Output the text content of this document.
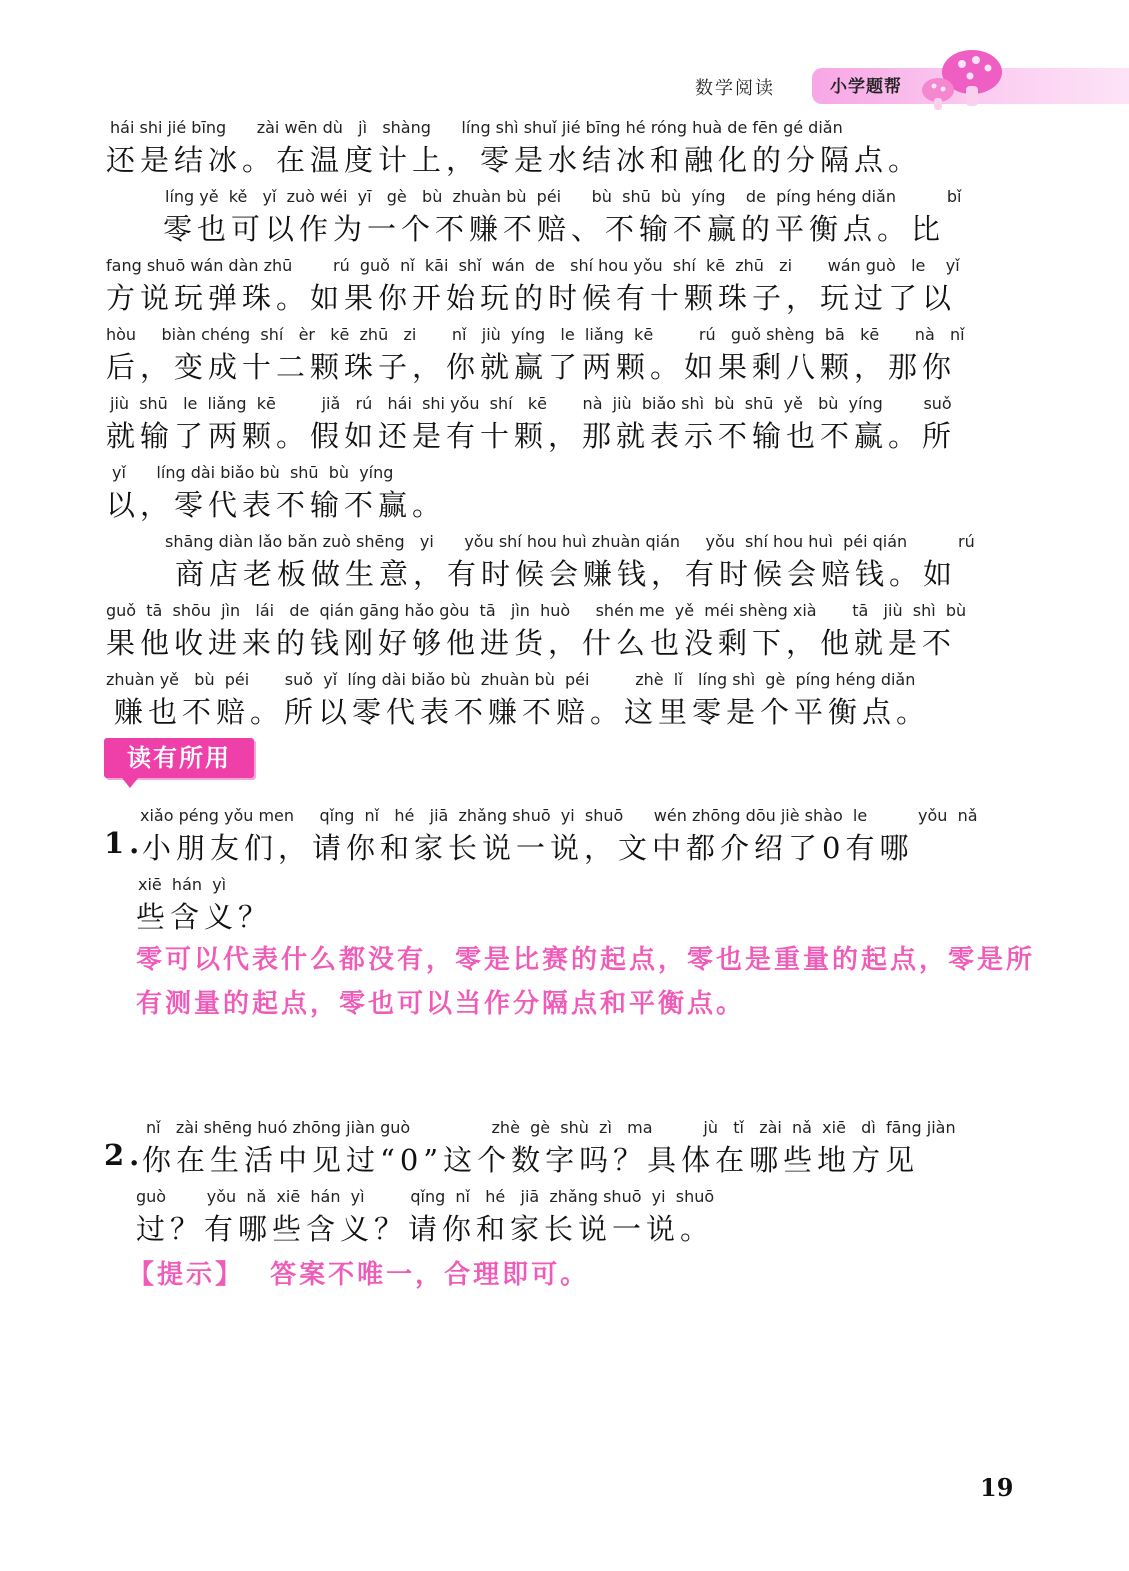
数学阅读	小学题帮
hái shi jié bīng      zài wēn dù   jì   shàng      líng shì shuǐ jié bīng hé róng huà de fēn gé diǎn
还是结冰。在温度计上，零是水结冰和融化的分隔点。
líng yě  kě   yǐ  zuò wéi  yī   gè   bù  zhuàn bù  péi      bù  shū  bù  yíng    de  píng héng diǎn          bǐ
零也可以作为一个不赚不赔、不输不赢的平衡点。比
fang shuō wán dàn zhū        rú  guǒ  nǐ  kāi  shǐ  wán  de   shí hou yǒu  shí  kē  zhū   zi       wán guò   le    yǐ
方说玩弹珠。如果你开始玩的时候有十颗珠子，玩过了以
hòu     biàn chéng  shí   èr   kē  zhū   zi       nǐ   jiù  yíng   le  liǎng  kē         rú   guǒ shèng  bā   kē       nà   nǐ
后，变成十二颗珠子，你就赢了两颗。如果剩八颗，那你
jiù  shū   le  liǎng  kē         jiǎ   rú   hái  shi yǒu  shí   kē       nà  jiù  biǎo shì  bù  shū  yě   bù  yíng        suǒ
就输了两颗。假如还是有十颗，那就表示不输也不赢。所
yǐ      líng dài biǎo bù  shū  bù  yíng
以，零代表不输不赢。
shāng diàn lǎo bǎn zuò shēng   yi      yǒu shí hou huì zhuàn qián     yǒu  shí hou huì  péi qián          rú
商店老板做生意，有时候会赚钱，有时候会赔钱。如
guǒ  tā  shōu  jìn   lái   de  qián gāng hǎo gòu  tā   jìn  huò     shén me  yě  méi shèng xià       tā   jiù  shì  bù
果他收进来的钱刚好够他进货，什么也没剩下，他就是不
zhuàn yě   bù  péi       suǒ  yǐ  líng dài biǎo bù  zhuàn bù  péi         zhè  lǐ   líng shì  gè  píng héng diǎn
赚也不赔。所以零代表不赚不赔。这里零是个平衡点。
读有所用
xiǎo péng yǒu men     qǐng  nǐ   hé   jiā  zhǎng shuō  yi  shuō      wén zhōng dōu jiè shào  le          yǒu  nǎ
1.
小朋友们，请你和家长说一说，文中都介绍了0有哪
xiē  hán  yì
些含义？
零可以代表什么都没有，零是比赛的起点，零也是重量的起点，零是所有测量的起点，零也可以当作分隔点和平衡点。
nǐ   zài shēng huó zhōng jiàn guò                zhè  gè  shù  zì   ma          jù   tǐ   zài  nǎ  xiē   dì  fāng jiàn
2.
你在生活中见过“0”这个数字吗？具体在哪些地方见
guò        yǒu  nǎ  xiē  hán  yì         qǐng  nǐ   hé   jiā  zhǎng shuō  yi  shuō
过？有哪些含义？请你和家长说一说。
【提示】 答案不唯一，合理即可。
19
